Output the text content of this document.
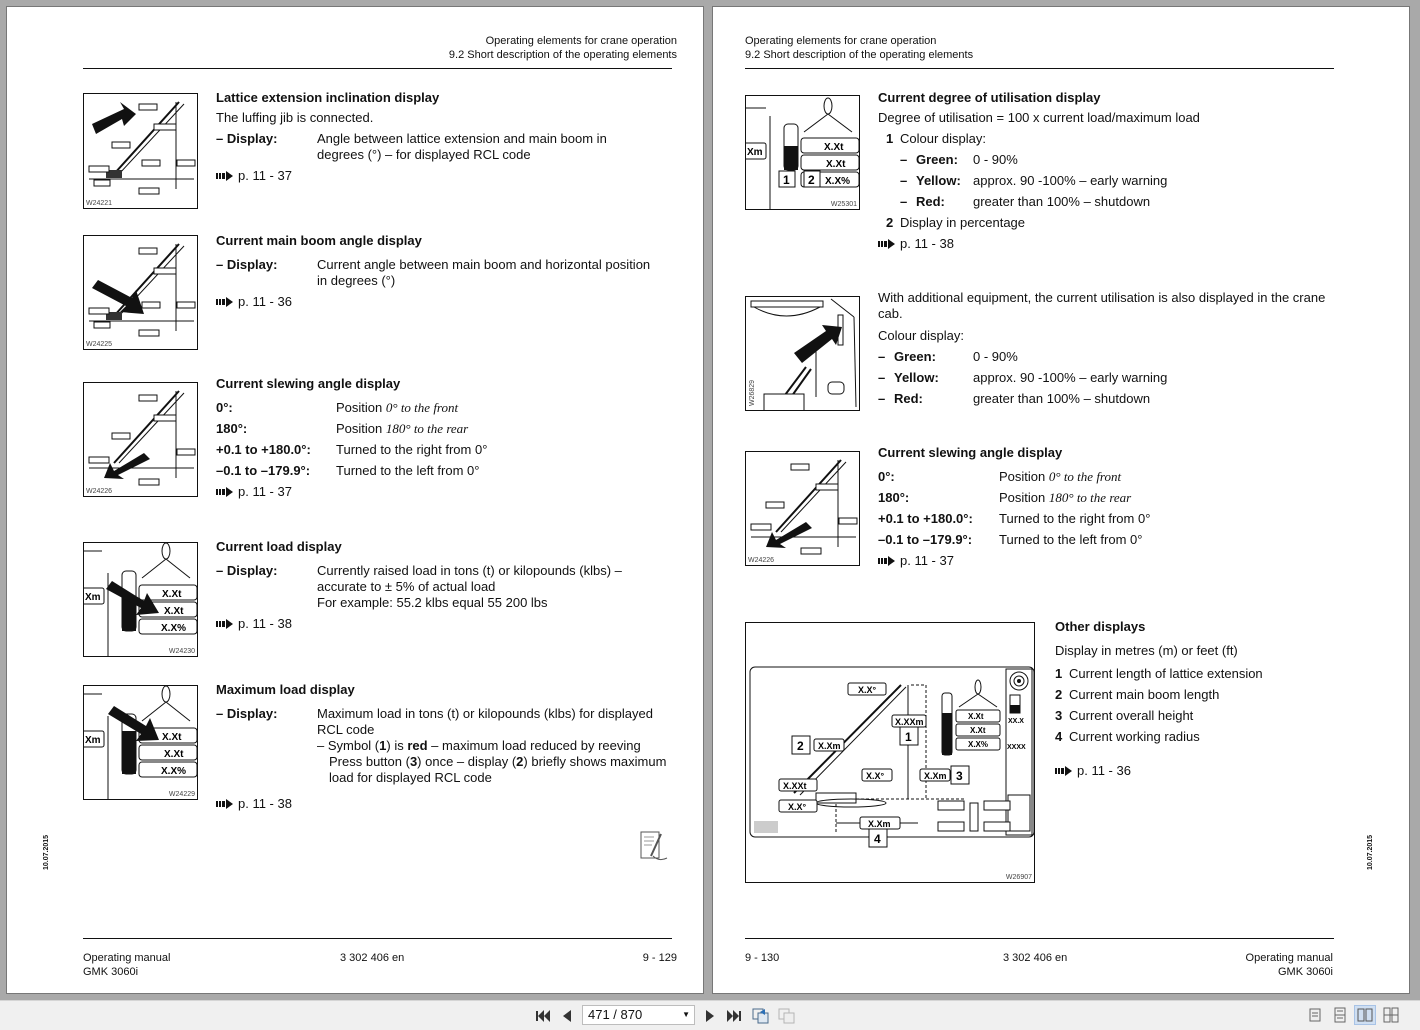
Operating elements for crane operation
9.2 Short description of the operating elements
W24221
Lattice extension inclination display
The luffing jib is connected.
– Display:	Angle between lattice extension and main boom in degrees (°) – for displayed RCL code
p. 11 - 37
W24225
Current main boom angle display
– Display:	Current angle between main boom and horizontal position in degrees (°)
p. 11 - 36
W24226
Current slewing angle display
0°:	Position 0° to the front
180°:	Position 180° to the rear
+0.1 to +180.0°:	Turned to the right from 0°
–0.1 to –179.9°:	Turned to the left from 0°
p. 11 - 37
Xm	X.Xt
X.Xt
X.X%
W24230
Current load display
– Display:	Currently raised load in tons (t) or kilopounds (klbs) –
accurate to ± 5% of actual load
For example: 55.2 klbs equal 55 200 lbs
p. 11 - 38
Xm	X.Xt
X.Xt
X.X%
W24229
Maximum load display
– Display:	Maximum load in tons (t) or kilopounds (klbs) for displayed RCL code
– Symbol (1) is red – maximum load reduced by reeving
Press button (3) once – display (2) briefly shows maximum load for displayed RCL code
p. 11 - 38
10.07.2015
Operating manual
GMK 3060i
3 302 406 en	9 - 129
Operating elements for crane operation
9.2 Short description of the operating elements
Xm	X.Xt
X.Xt
X.X%
1 2
W25301
Current degree of utilisation display
Degree of utilisation = 100 x current load/maximum load
1 Colour display:
– Green:	0 - 90%
– Yellow: approx. 90 -100% – early warning
– Red:	greater than 100% – shutdown
2 Display in percentage
p. 11 - 38
W26829
With additional equipment, the current utilisation is also displayed in the crane cab.
Colour display:
– Green:	0 - 90%
– Yellow:	approx. 90 -100% – early warning
– Red:	greater than 100% – shutdown
W24226
Current slewing angle display
0°:	Position 0° to the front
180°:	Position 180° to the rear
+0.1 to +180.0°:	Turned to the right from 0°
–0.1 to –179.9°:	Turned to the left from 0°
p. 11 - 37
X.X°
X.XXm
1
2 X.Xm
X.X°	X.Xm 3
X.XXt
X.X°
X.Xm
4
X.Xt
X.Xt
X.X%
XX.X
XXXX
W26907
Other displays
Display in metres (m) or feet (ft)
1 Current length of lattice extension
2 Current main boom length
3 Current overall height
4 Current working radius
p. 11 - 36
10.07.2015
9 - 130	3 302 406 en	Operating manual
GMK 3060i
471 / 870	▼
